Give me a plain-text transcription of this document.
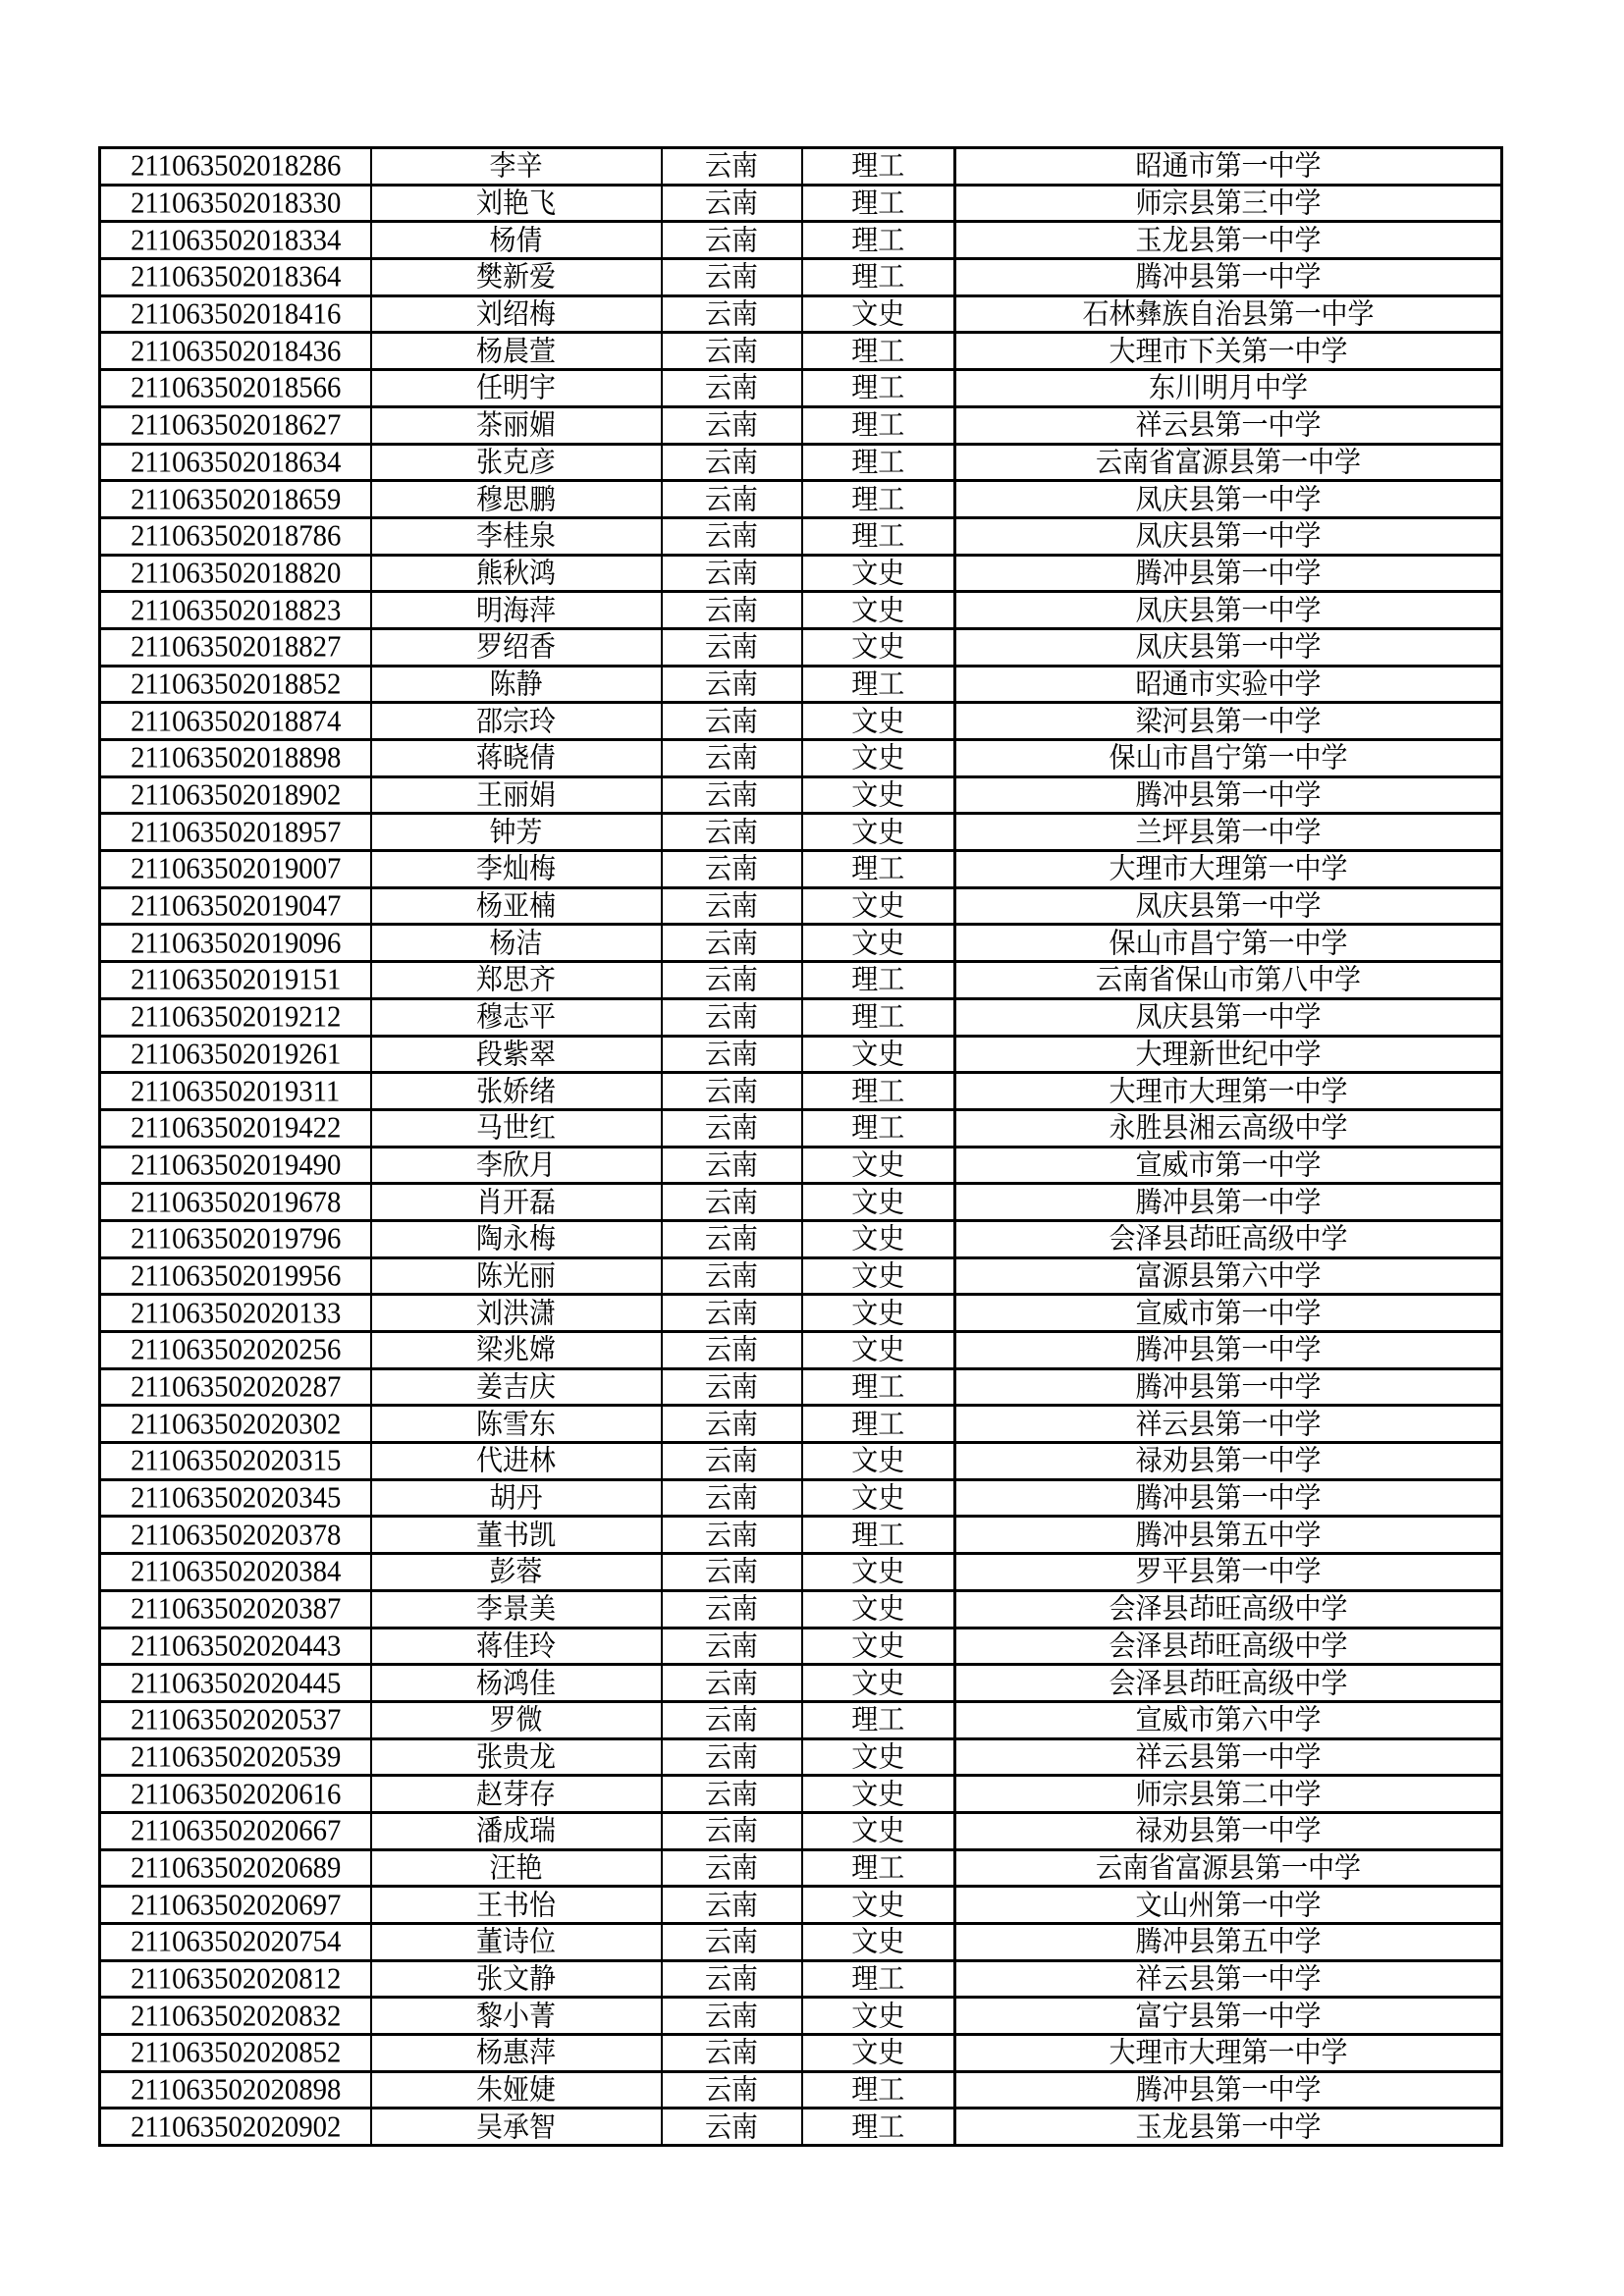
211063502018286	李辛	云南	理工	昭通市第一中学
211063502018330	刘艳飞	云南	理工	师宗县第三中学
211063502018334	杨倩	云南	理工	玉龙县第一中学
211063502018364	樊新爱	云南	理工	腾冲县第一中学
211063502018416	刘绍梅	云南	文史	石林彝族自治县第一中学
211063502018436	杨晨萱	云南	理工	大理市下关第一中学
211063502018566	任明宇	云南	理工	东川明月中学
211063502018627	茶丽媚	云南	理工	祥云县第一中学
211063502018634	张克彦	云南	理工	云南省富源县第一中学
211063502018659	穆思鹏	云南	理工	凤庆县第一中学
211063502018786	李桂泉	云南	理工	凤庆县第一中学
211063502018820	熊秋鸿	云南	文史	腾冲县第一中学
211063502018823	明海萍	云南	文史	凤庆县第一中学
211063502018827	罗绍香	云南	文史	凤庆县第一中学
211063502018852	陈静	云南	理工	昭通市实验中学
211063502018874	邵宗玲	云南	文史	梁河县第一中学
211063502018898	蒋晓倩	云南	文史	保山市昌宁第一中学
211063502018902	王丽娟	云南	文史	腾冲县第一中学
211063502018957	钟芳	云南	文史	兰坪县第一中学
211063502019007	李灿梅	云南	理工	大理市大理第一中学
211063502019047	杨亚楠	云南	文史	凤庆县第一中学
211063502019096	杨洁	云南	文史	保山市昌宁第一中学
211063502019151	郑思齐	云南	理工	云南省保山市第八中学
211063502019212	穆志平	云南	理工	凤庆县第一中学
211063502019261	段紫翠	云南	文史	大理新世纪中学
211063502019311	张娇绪	云南	理工	大理市大理第一中学
211063502019422	马世红	云南	理工	永胜县湘云高级中学
211063502019490	李欣月	云南	文史	宣威市第一中学
211063502019678	肖开磊	云南	文史	腾冲县第一中学
211063502019796	陶永梅	云南	文史	会泽县茚旺高级中学
211063502019956	陈光丽	云南	文史	富源县第六中学
211063502020133	刘洪潇	云南	文史	宣威市第一中学
211063502020256	梁兆嫦	云南	文史	腾冲县第一中学
211063502020287	姜吉庆	云南	理工	腾冲县第一中学
211063502020302	陈雪东	云南	理工	祥云县第一中学
211063502020315	代进林	云南	文史	禄劝县第一中学
211063502020345	胡丹	云南	文史	腾冲县第一中学
211063502020378	董书凯	云南	理工	腾冲县第五中学
211063502020384	彭蓉	云南	文史	罗平县第一中学
211063502020387	李景美	云南	文史	会泽县茚旺高级中学
211063502020443	蒋佳玲	云南	文史	会泽县茚旺高级中学
211063502020445	杨鸿佳	云南	文史	会泽县茚旺高级中学
211063502020537	罗微	云南	理工	宣威市第六中学
211063502020539	张贵龙	云南	文史	祥云县第一中学
211063502020616	赵芽存	云南	文史	师宗县第二中学
211063502020667	潘成瑞	云南	文史	禄劝县第一中学
211063502020689	汪艳	云南	理工	云南省富源县第一中学
211063502020697	王书怡	云南	文史	文山州第一中学
211063502020754	董诗位	云南	文史	腾冲县第五中学
211063502020812	张文静	云南	理工	祥云县第一中学
211063502020832	黎小菁	云南	文史	富宁县第一中学
211063502020852	杨惠萍	云南	文史	大理市大理第一中学
211063502020898	朱娅婕	云南	理工	腾冲县第一中学
211063502020902	吴承智	云南	理工	玉龙县第一中学
